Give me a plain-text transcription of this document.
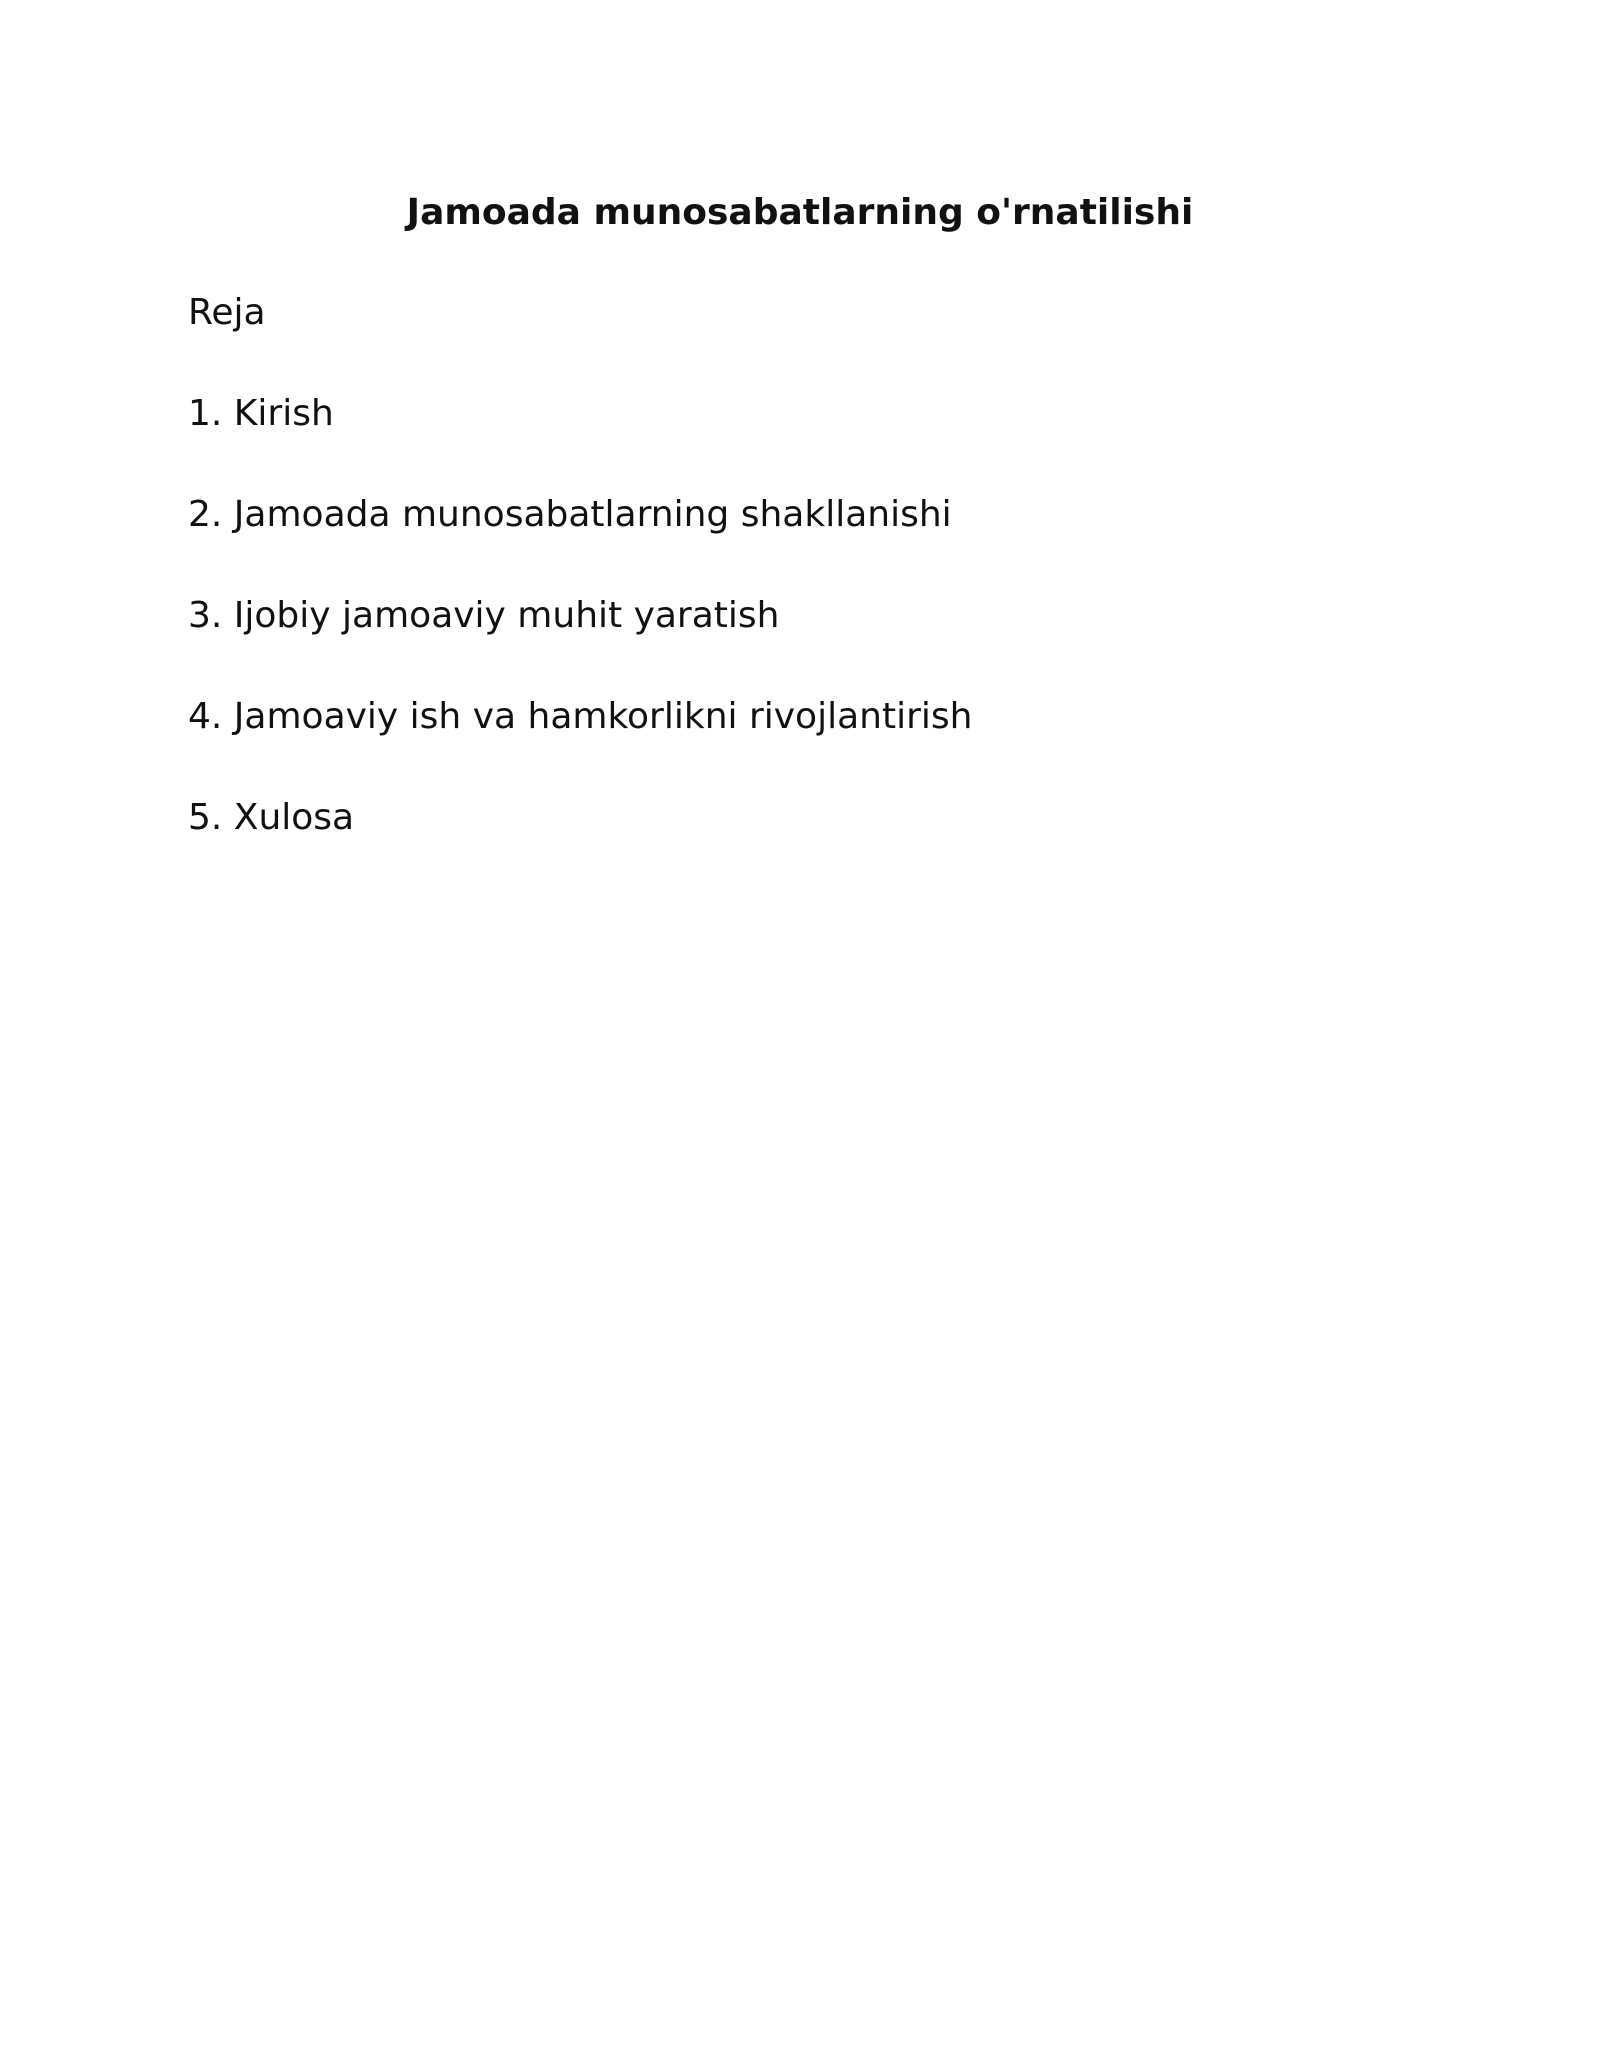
Jamoada munosabatlarning o'rnatilishi

Reja

1. Kirish
2. Jamoada munosabatlarning shakllanishi
3. Ijobiy jamoaviy muhit yaratish
4. Jamoaviy ish va hamkorlikni rivojlantirish
5. Xulosa
